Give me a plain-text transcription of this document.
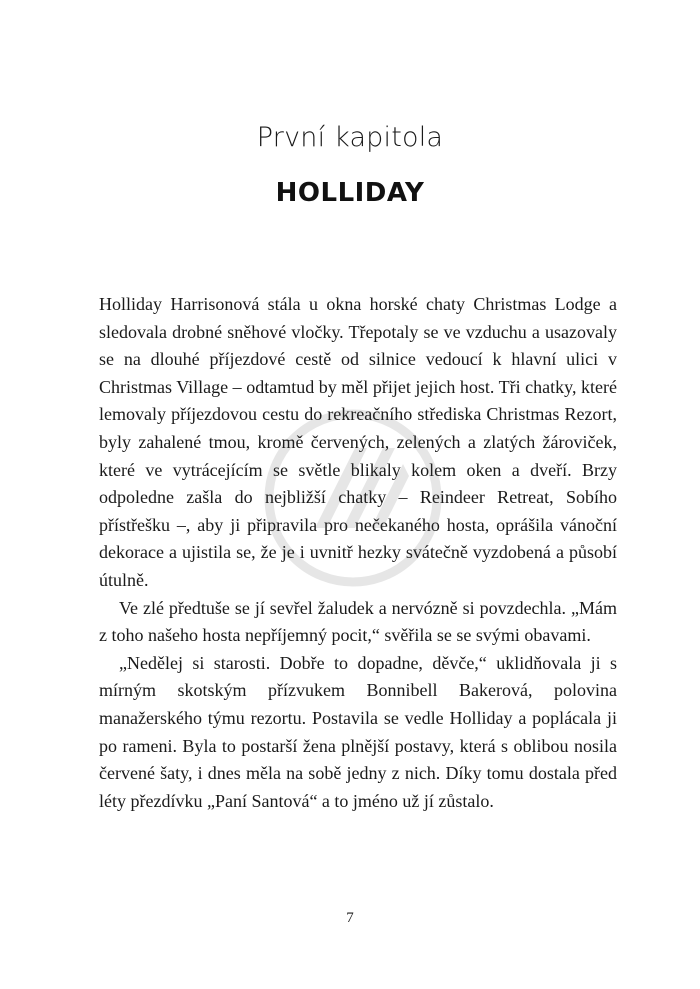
První kapitola
HOLLIDAY

Holliday Harrisonová stála u okna horské chaty Christmas Lodge a sledovala drobné sněhové vločky. Třepotaly se ve vzduchu a usazovaly se na dlouhé příjezdové cestě od silnice vedoucí k hlavní ulici v Christmas Village – odtamtud by měl přijet jejich host. Tři chatky, které lemovaly příjezdovou cestu do rekreačního střediska Christmas Rezort, byly zahalené tmou, kromě červených, zelených a zlatých žároviček, které ve vytrácejícím se světle blikaly kolem oken a dveří. Brzy odpoledne zašla do nejbližší chatky – Reindeer Retreat, Sobího přístřešku –, aby ji připravila pro nečekaného hosta, oprášila vánoční dekorace a ujistila se, že je i uvnitř hezky svátečně vyzdobená a působí útulně.

Ve zlé předtuše se jí sevřel žaludek a nervózně si povzdechla. „Mám z toho našeho hosta nepříjemný pocit,“ svěřila se se svými obavami.

„Nedělej si starosti. Dobře to dopadne, děvče,“ uklidňovala ji s mírným skotským přízvukem Bonnibell Bakerová, polovina manažerského týmu rezortu. Postavila se vedle Holliday a poplácala ji po rameni. Byla to postarší žena plnější postavy, která s oblibou nosila červené šaty, i dnes měla na sobě jedny z nich. Díky tomu dostala před léty přezdívku „Paní Santová“ a to jméno už jí zůstalo.

7
